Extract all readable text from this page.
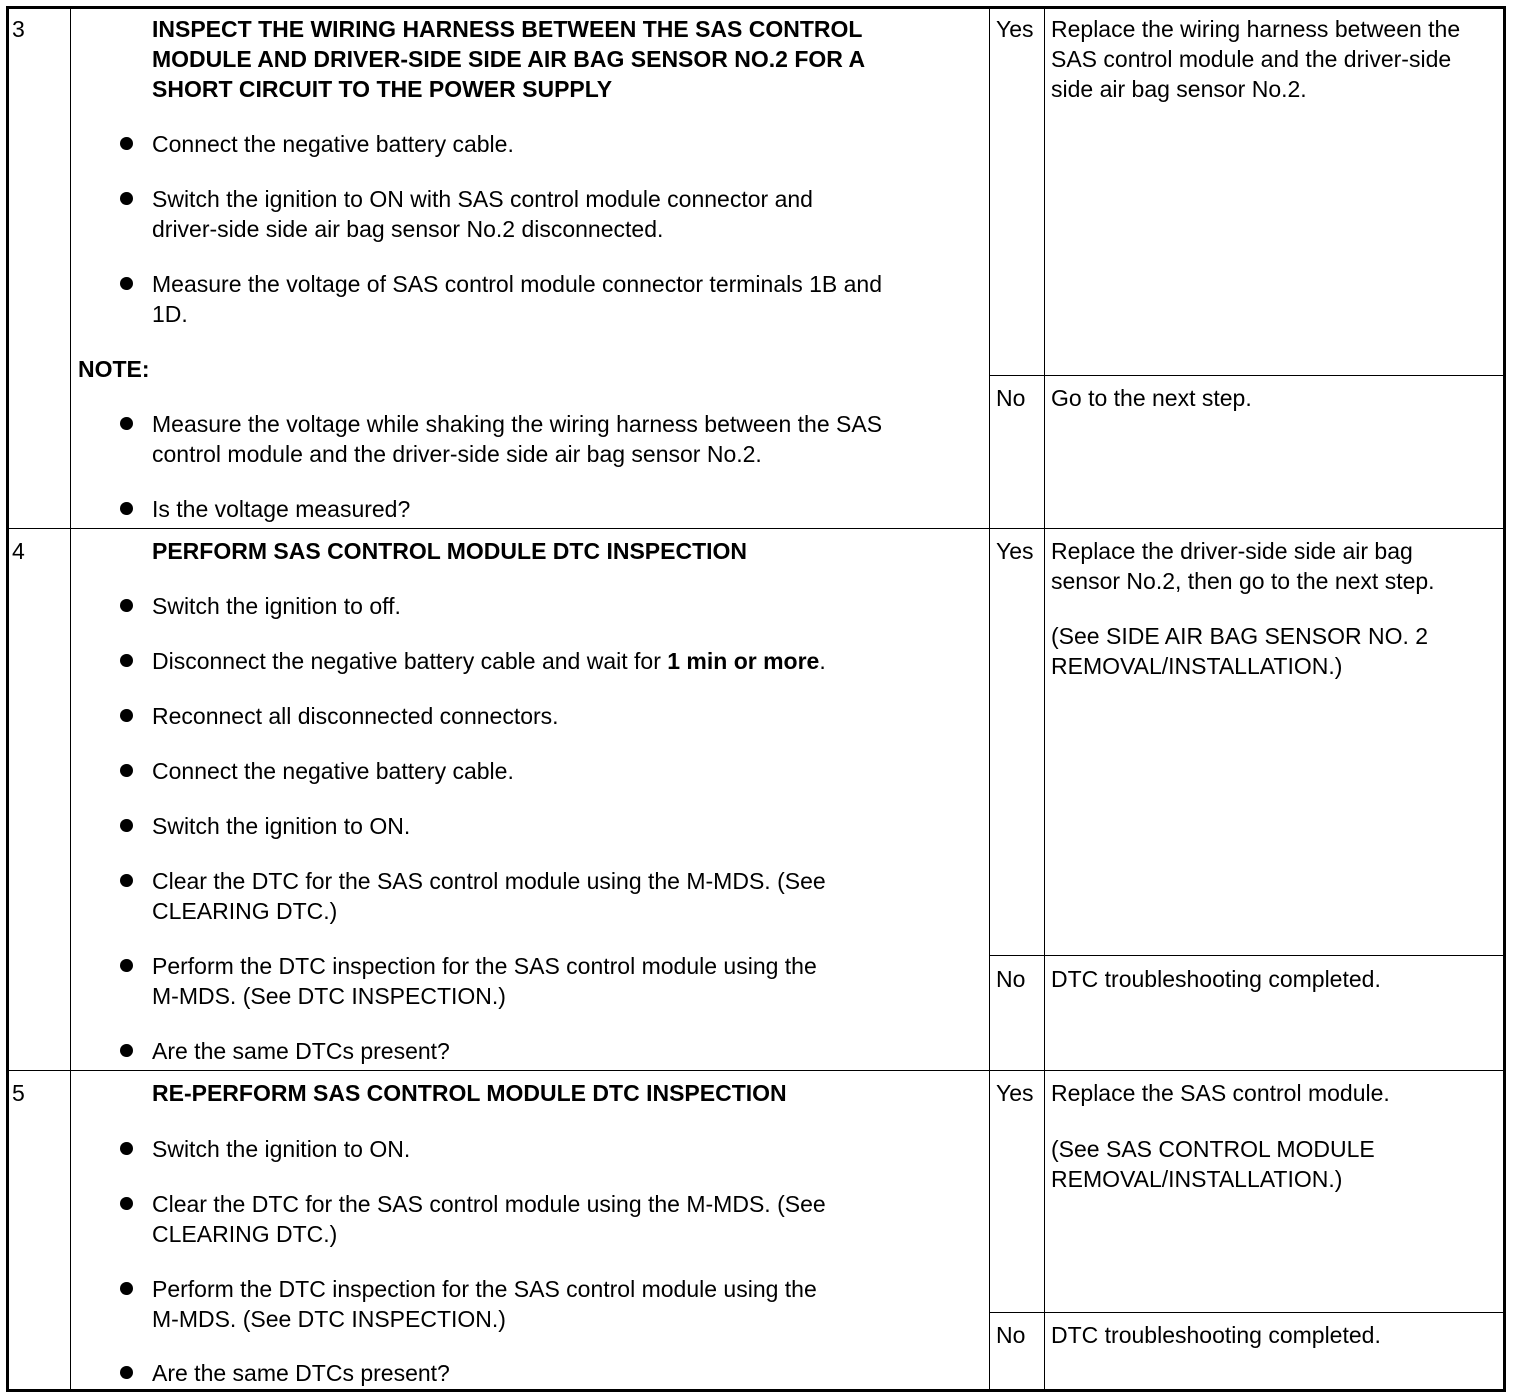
3	INSPECT THE WIRING HARNESS BETWEEN THE SAS CONTROL
MODULE AND DRIVER-SIDE SIDE AIR BAG SENSOR NO.2 FOR A
SHORT CIRCUIT TO THE POWER SUPPLY
Connect the negative battery cable.
Switch the ignition to ON with SAS control module connector and
driver-side side air bag sensor No.2 disconnected.
Measure the voltage of SAS control module connector terminals 1B and
1D.
NOTE:
Measure the voltage while shaking the wiring harness between the SAS
control module and the driver-side side air bag sensor No.2.
Is the voltage measured?
Yes Replace the wiring harness between the
SAS control module and the driver-side
side air bag sensor No.2.
No Go to the next step.
4	PERFORM SAS CONTROL MODULE DTC INSPECTION
Switch the ignition to off.
Disconnect the negative battery cable and wait for 1 min or more.
Reconnect all disconnected connectors.
Connect the negative battery cable.
Switch the ignition to ON.
Clear the DTC for the SAS control module using the M-MDS. (See
CLEARING DTC.)
Perform the DTC inspection for the SAS control module using the
M-MDS. (See DTC INSPECTION.)
Are the same DTCs present?
Yes Replace the driver-side side air bag
sensor No.2, then go to the next step.
(See SIDE AIR BAG SENSOR NO. 2
REMOVAL/INSTALLATION.)
No DTC troubleshooting completed.
5	RE-PERFORM SAS CONTROL MODULE DTC INSPECTION
Switch the ignition to ON.
Clear the DTC for the SAS control module using the M-MDS. (See
CLEARING DTC.)
Perform the DTC inspection for the SAS control module using the
M-MDS. (See DTC INSPECTION.)
Are the same DTCs present?
Yes Replace the SAS control module.
(See SAS CONTROL MODULE
REMOVAL/INSTALLATION.)
No DTC troubleshooting completed.
